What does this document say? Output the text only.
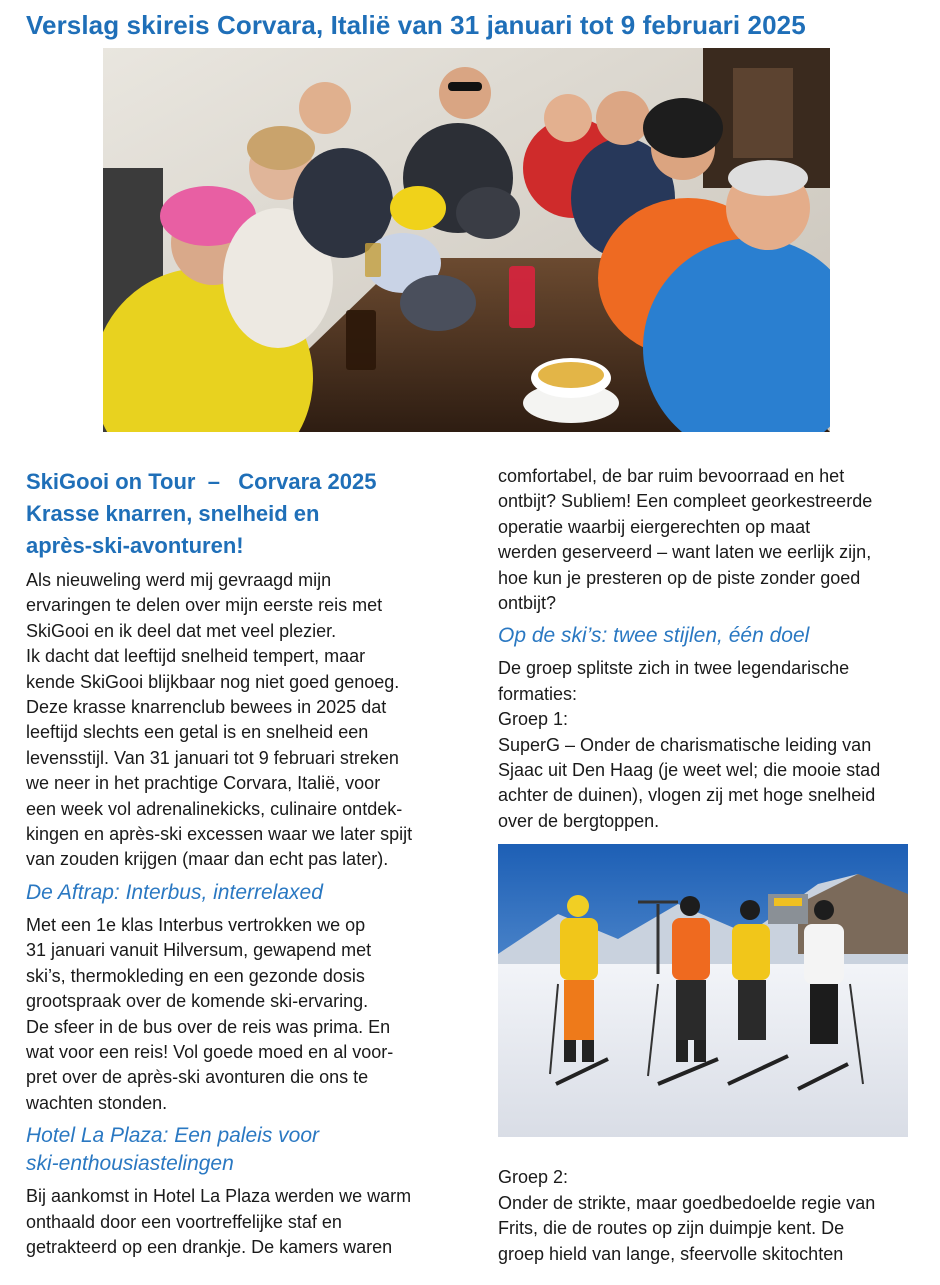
Verslag skireis Corvara, Italië van 31 januari tot 9 februari 2025
SkiGooi on Tour  –   Corvara 2025
Krasse knarren, snelheid en
après-ski-avonturen!

Als nieuweling werd mij gevraagd mijn

ervaringen te delen over mijn eerste reis met

SkiGooi en ik deel dat met veel plezier.

Ik dacht dat leeftijd snelheid tempert, maar

kende SkiGooi blijkbaar nog niet goed genoeg.

Deze krasse knarrenclub bewees in 2025 dat

leeftijd slechts een getal is en snelheid een

levensstijl. Van 31 januari tot 9 februari streken

we neer in het prachtige Corvara, Italië, voor

een week vol adrenalinekicks, culinaire ontdek-

kingen en après-ski excessen waar we later spijt

van zouden krijgen (maar dan echt pas later).

De Aftrap: Interbus, interrelaxed

Met een 1e klas Interbus vertrokken we op

31 januari vanuit Hilversum, gewapend met

ski’s, thermokleding en een gezonde dosis

grootspraak over de komende ski-ervaring.

De sfeer in de bus over de reis was prima. En

wat voor een reis! Vol goede moed en al voor-

pret over de après-ski avonturen die ons te

wachten stonden.

Hotel La Plaza: Een paleis voor
ski-enthousiastelingen

Bij aankomst in Hotel La Plaza werden we warm

onthaald door een voortreffelijke staf en

getrakteerd op een drankje. De kamers waren

comfortabel, de bar ruim bevoorraad en het

ontbijt? Subliem! Een compleet georkestreerde

operatie waarbij eiergerechten op maat

werden geserveerd – want laten we eerlijk zijn,

hoe kun je presteren op de piste zonder goed

ontbijt?

Op de ski’s: twee stijlen, één doel

De groep splitste zich in twee legendarische

formaties:

Groep 1:

SuperG – Onder de charismatische leiding van

Sjaac uit Den Haag (je weet wel; die mooie stad

achter de duinen), vlogen zij met hoge snelheid

over de bergtoppen.

Groep 2:

Onder de strikte, maar goedbedoelde regie van

Frits, die de routes op zijn duimpje kent. De

groep hield van lange, sfeervolle skitochten
